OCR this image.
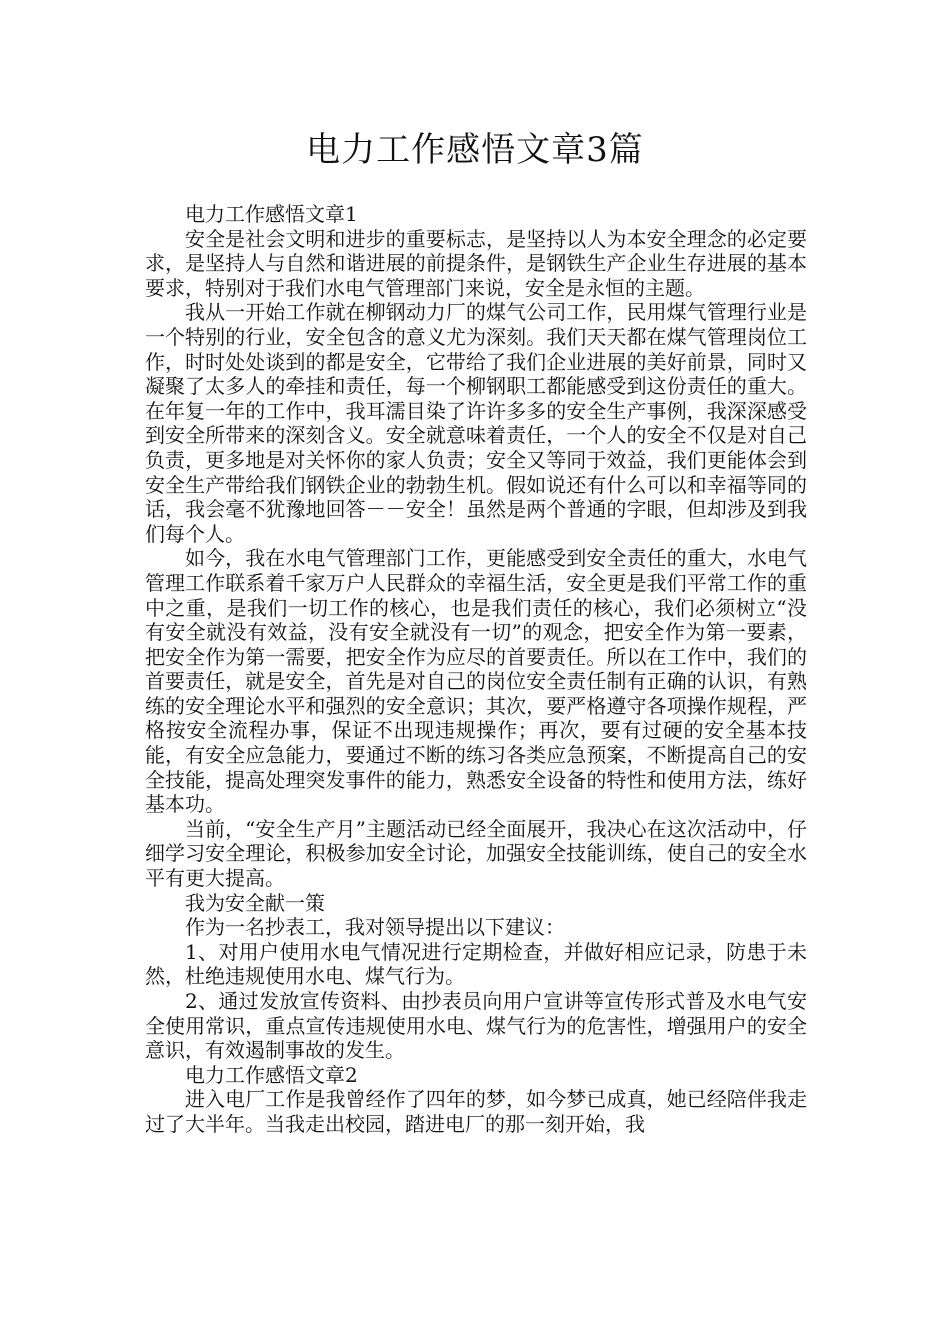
电力工作感悟文章3篇

电力工作感悟文章1

安全是社会文明和进步的重要标志，是坚持以人为本安全理念的必定要求，是坚持人与自然和谐进展的前提条件，是钢铁生产企业生存进展的基本要求，特别对于我们水电气管理部门来说，安全是永恒的主题。

我从一开始工作就在柳钢动力厂的煤气公司工作，民用煤气管理行业是一个特别的行业，安全包含的意义尤为深刻。我们天天都在煤气管理岗位工作，时时处处谈到的都是安全，它带给了我们企业进展的美好前景，同时又凝聚了太多人的牵挂和责任，每一个柳钢职工都能感受到这份责任的重大。在年复一年的工作中，我耳濡目染了许许多多的安全生产事例，我深深感受到安全所带来的深刻含义。安全就意味着责任，一个人的安全不仅是对自己负责，更多地是对关怀你的家人负责；安全又等同于效益，我们更能体会到安全生产带给我们钢铁企业的勃勃生机。假如说还有什么可以和幸福等同的话，我会毫不犹豫地回答－－安全！虽然是两个普通的字眼，但却涉及到我们每个人。

如今，我在水电气管理部门工作，更能感受到安全责任的重大，水电气管理工作联系着千家万户人民群众的幸福生活，安全更是我们平常工作的重中之重，是我们一切工作的核心，也是我们责任的核心，我们必须树立“没有安全就没有效益，没有安全就没有一切”的观念，把安全作为第一要素，把安全作为第一需要，把安全作为应尽的首要责任。所以在工作中，我们的首要责任，就是安全，首先是对自己的岗位安全责任制有正确的认识，有熟练的安全理论水平和强烈的安全意识；其次，要严格遵守各项操作规程，严格按安全流程办事，保证不出现违规操作；再次，要有过硬的安全基本技能，有安全应急能力，要通过不断的练习各类应急预案，不断提高自己的安全技能，提高处理突发事件的能力，熟悉安全设备的特性和使用方法，练好基本功。

当前，“安全生产月”主题活动已经全面展开，我决心在这次活动中，仔细学习安全理论，积极参加安全讨论，加强安全技能训练，使自己的安全水平有更大提高。

我为安全献一策

作为一名抄表工，我对领导提出以下建议：

1、对用户使用水电气情况进行定期检查，并做好相应记录，防患于未然，杜绝违规使用水电、煤气行为。

2、通过发放宣传资料、由抄表员向用户宣讲等宣传形式普及水电气安全使用常识，重点宣传违规使用水电、煤气行为的危害性，增强用户的安全意识，有效遏制事故的发生。

电力工作感悟文章2

进入电厂工作是我曾经作了四年的梦，如今梦已成真，她已经陪伴我走过了大半年。当我走出校园，踏进电厂的那一刻开始，我
